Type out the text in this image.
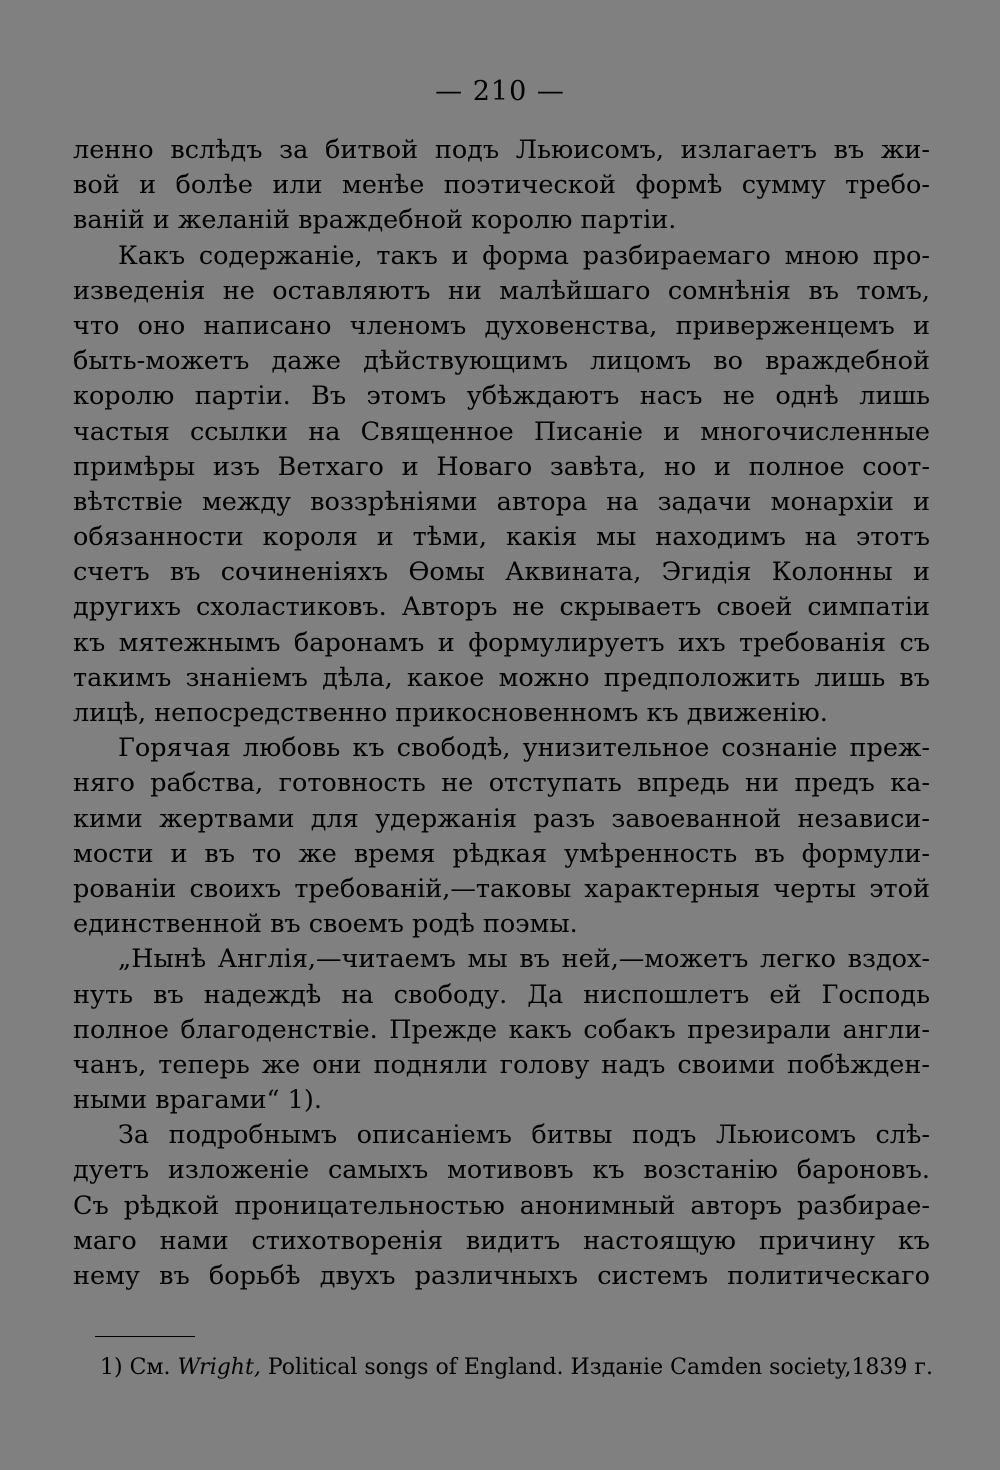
— 210 —
ленно вслѣдъ за битвой подъ Льюисомъ, излагаетъ въ жи-
вой и болѣе или менѣе поэтической формѣ сумму требо-
ваній и желаній враждебной королю партіи.
Какъ содержаніе, такъ и форма разбираемаго мною про-
изведенія не оставляютъ ни малѣйшаго сомнѣнія въ томъ,
что оно написано членомъ духовенства, приверженцемъ и
быть-можетъ даже дѣйствующимъ лицомъ во враждебной
королю партіи. Въ этомъ убѣждаютъ насъ не однѣ лишь
частыя ссылки на Священное Писаніе и многочисленные
примѣры изъ Ветхаго и Новаго завѣта, но и полное соот-
вѣтствіе между воззрѣніями автора на задачи монархіи и
обязанности короля и тѣми, какія мы находимъ на этотъ
счетъ въ сочиненіяхъ Ѳомы Аквината, Эгидія Колонны и
другихъ схоластиковъ. Авторъ не скрываетъ своей симпатіи
къ мятежнымъ баронамъ и формулируетъ ихъ требованія съ
такимъ знаніемъ дѣла, какое можно предположить лишь въ
лицѣ, непосредственно прикосновенномъ къ движенію.
Горячая любовь къ свободѣ, унизительное сознаніе преж-
няго рабства, готовность не отступать впредь ни предъ ка-
кими жертвами для удержанія разъ завоеванной независи-
мости и въ то же время рѣдкая умѣренность въ формули-
рованіи своихъ требованій,—таковы характерныя черты этой
единственной въ своемъ родѣ поэмы.
„Нынѣ Англія,—читаемъ мы въ ней,—можетъ легко вздох-
нуть въ надеждѣ на свободу. Да ниспошлетъ ей Господь
полное благоденствіе. Прежде какъ собакъ презирали англи-
чанъ, теперь же они подняли голову надъ своими побѣжден-
ными врагами“ 1).
За подробнымъ описаніемъ битвы подъ Льюисомъ слѣ-
дуетъ изложеніе самыхъ мотивовъ къ возстанію бароновъ.
Съ рѣдкой проницательностью анонимный авторъ разбирае-
маго нами стихотворенія видитъ настоящую причину къ
нему въ борьбѣ двухъ различныхъ системъ политическаго
1) См. Wright, Political songs of England. Изданіе Camden society,1839 г.
